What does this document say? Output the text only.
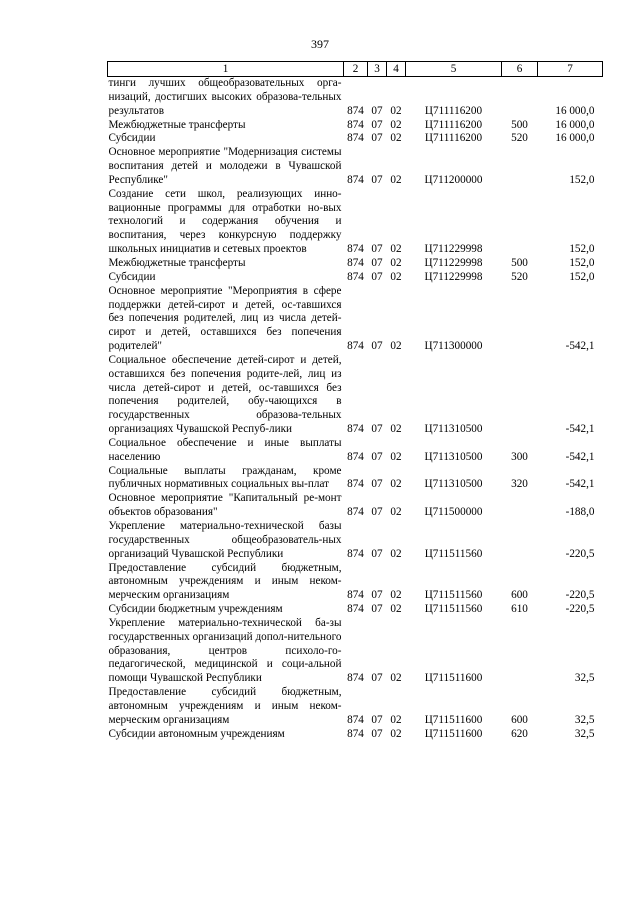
397
1	2	3	4	5	6	7
тинги лучших общеобразовательных орга-низаций, достигших высоких образова-тельных результатов	874	07	02	Ц711116200		16 000,0
Межбюджетные трансферты	874	07	02	Ц711116200	500	16 000,0
Субсидии	874	07	02	Ц711116200	520	16 000,0
Основное мероприятие "Модернизация системы воспитания детей и молодежи в Чувашской Республике"	874	07	02	Ц711200000		152,0
Создание сети школ, реализующих инно-вационные программы для отработки но-вых технологий и содержания обучения и воспитания, через конкурсную поддержку школьных инициатив и сетевых проектов	874	07	02	Ц711229998		152,0
Межбюджетные трансферты	874	07	02	Ц711229998	500	152,0
Субсидии	874	07	02	Ц711229998	520	152,0
Основное мероприятие "Мероприятия в сфере поддержки детей-сирот и детей, ос-тавшихся без попечения родителей, лиц из числа детей-сирот и детей, оставшихся без попечения родителей"	874	07	02	Ц711300000		-542,1
Социальное обеспечение детей-сирот и детей, оставшихся без попечения родите-лей, лиц из числа детей-сирот и детей, ос-тавшихся без попечения родителей, обу-чающихся в государственных образова-тельных организациях Чувашской Респуб-лики	874	07	02	Ц711310500		-542,1
Социальное обеспечение и иные выплаты населению	874	07	02	Ц711310500	300	-542,1
Социальные выплаты гражданам, кроме публичных нормативных социальных вы-плат	874	07	02	Ц711310500	320	-542,1
Основное мероприятие "Капитальный ре-монт объектов образования"	874	07	02	Ц711500000		-188,0
Укрепление материально-технической базы государственных общеобразователь-ных организаций Чувашской Республики	874	07	02	Ц711511560		-220,5
Предоставление субсидий бюджетным, автономным учреждениям и иным неком-мерческим организациям	874	07	02	Ц711511560	600	-220,5
Субсидии бюджетным учреждениям	874	07	02	Ц711511560	610	-220,5
Укрепление материально-технической ба-зы государственных организаций допол-нительного образования, центров психоло-го-педагогической, медицинской и соци-альной помощи Чувашской Республики	874	07	02	Ц711511600		32,5
Предоставление субсидий бюджетным, автономным учреждениям и иным неком-мерческим организациям	874	07	02	Ц711511600	600	32,5
Субсидии автономным учреждениям	874	07	02	Ц711511600	620	32,5
